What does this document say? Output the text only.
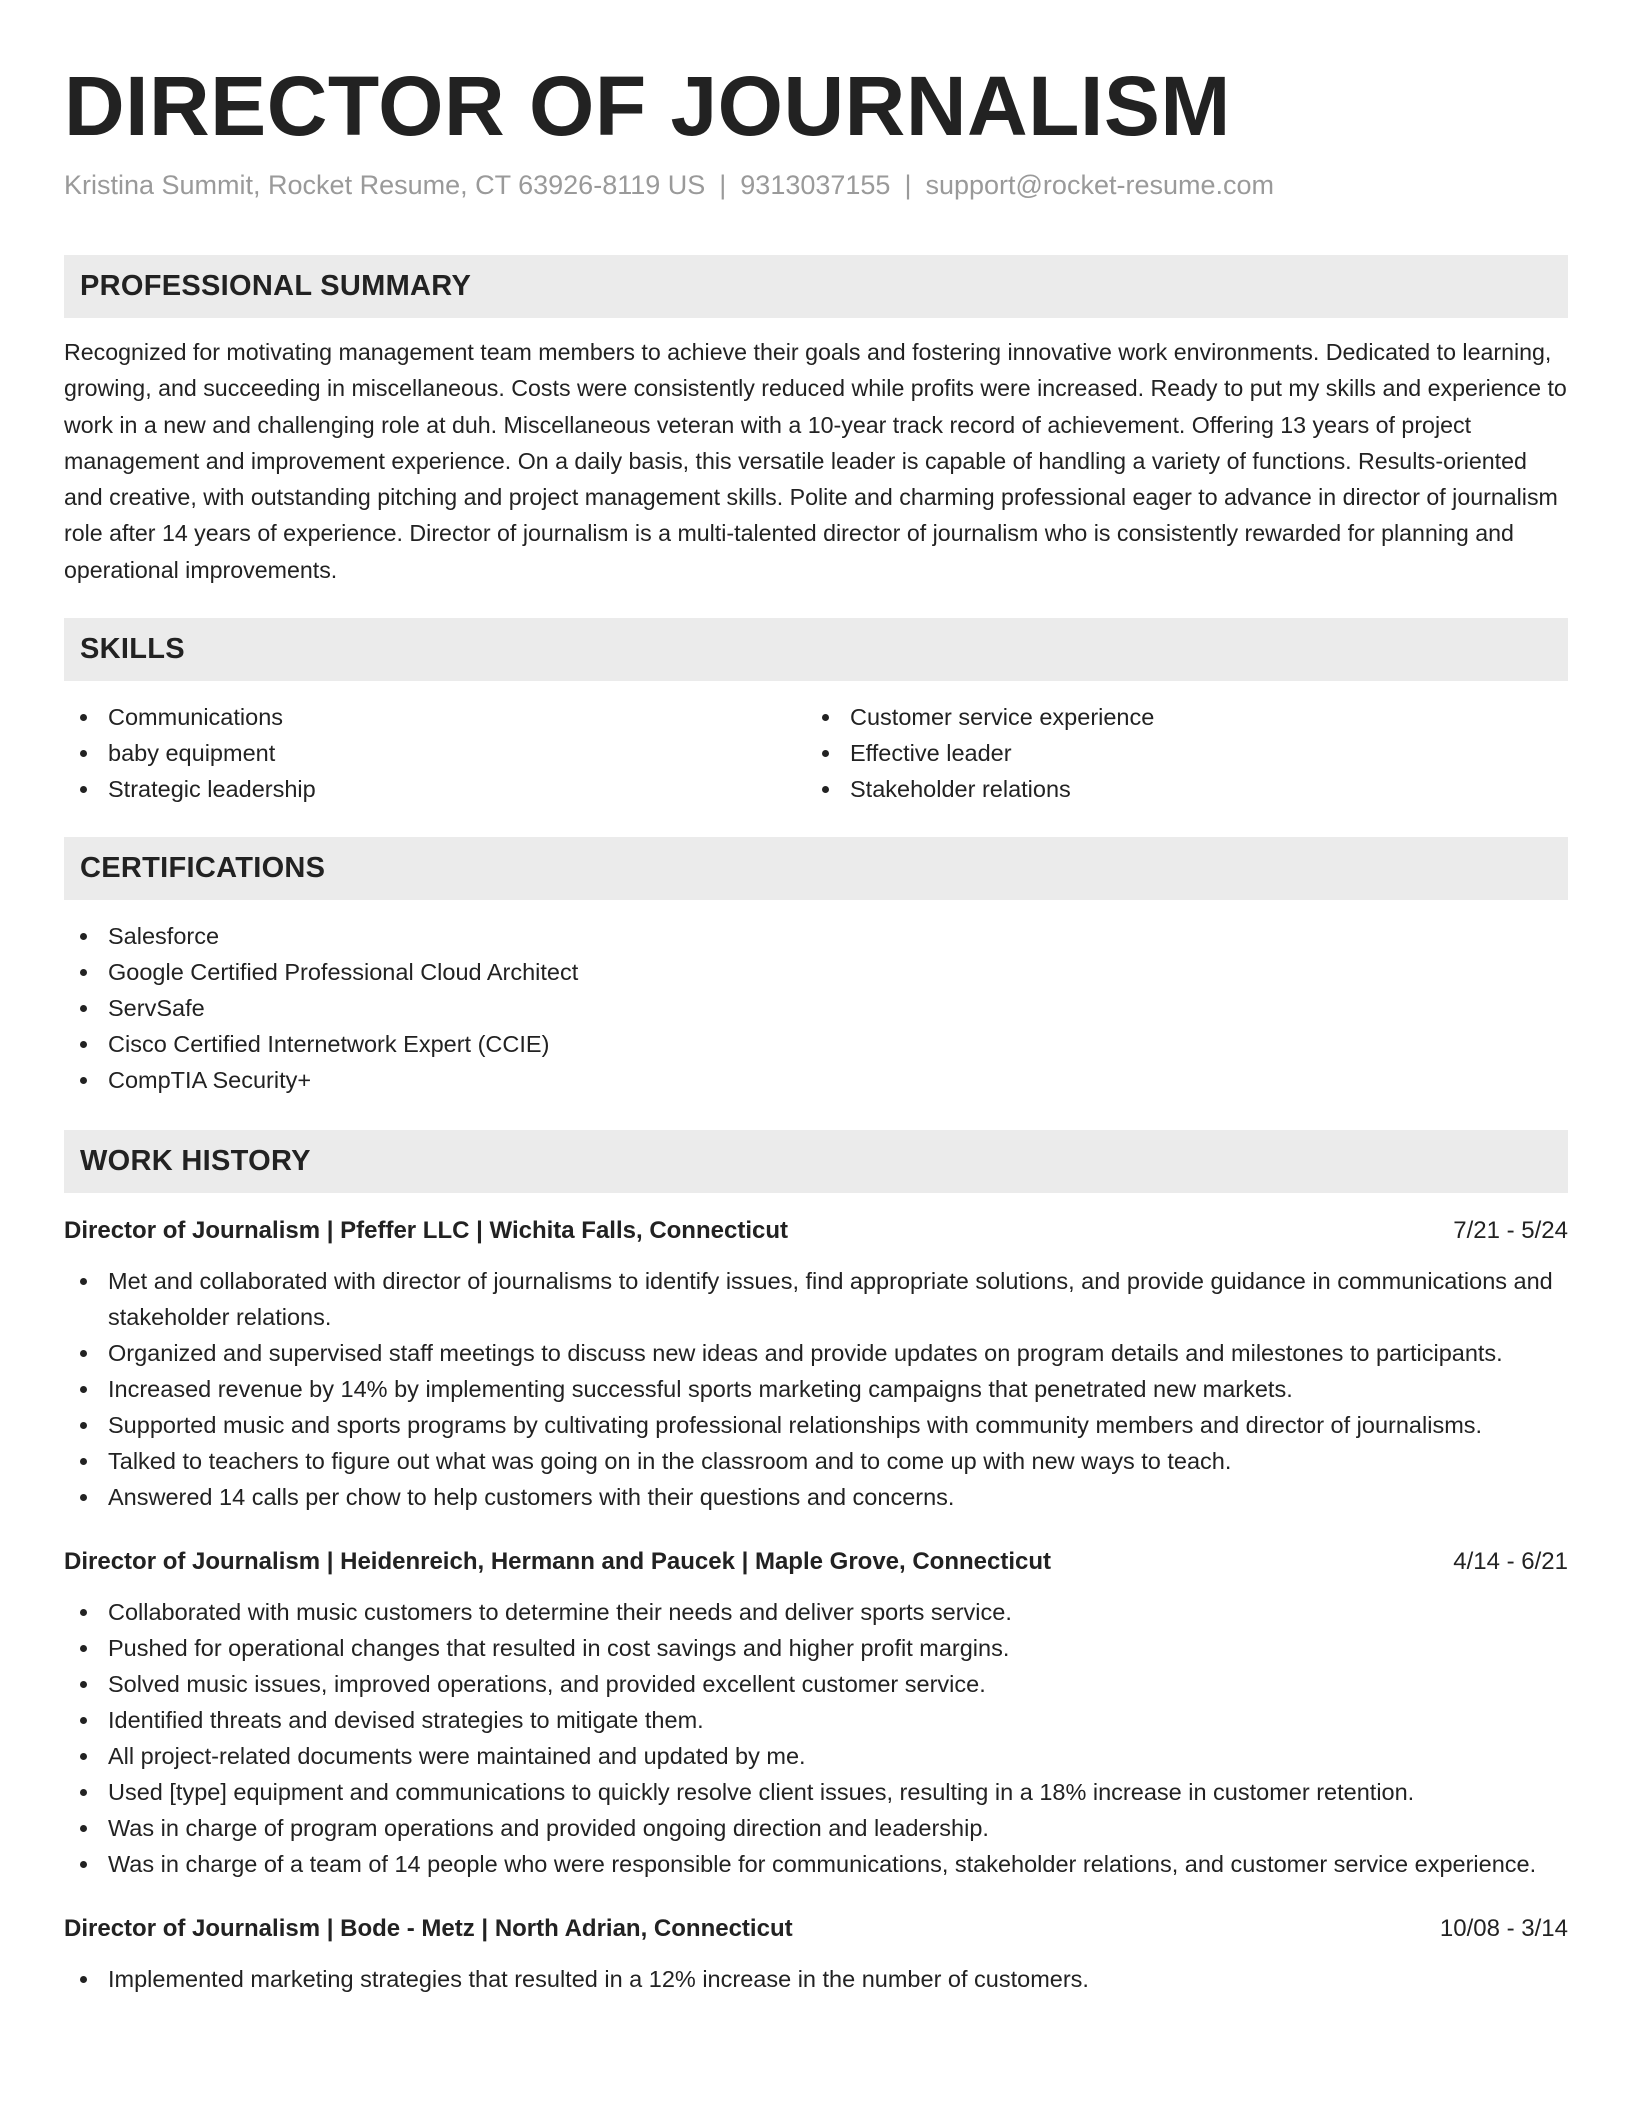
DIRECTOR OF JOURNALISM
Kristina Summit, Rocket Resume, CT 63926-8119 US | 9313037155 | support@rocket-resume.com
PROFESSIONAL SUMMARY

Recognized for motivating management team members to achieve their goals and fostering innovative work environments. Dedicated to learning, growing, and succeeding in miscellaneous. Costs were consistently reduced while profits were increased. Ready to put my skills and experience to work in a new and challenging role at duh. Miscellaneous veteran with a 10-year track record of achievement. Offering 13 years of project management and improvement experience. On a daily basis, this versatile leader is capable of handling a variety of functions. Results-oriented and creative, with outstanding pitching and project management skills. Polite and charming professional eager to advance in director of journalism role after 14 years of experience. Director of journalism is a multi-talented director of journalism who is consistently rewarded for planning and operational improvements.

SKILLS
Communications
baby equipment
Strategic leadership
Customer service experience
Effective leader
Stakeholder relations
CERTIFICATIONS
Salesforce
Google Certified Professional Cloud Architect
ServSafe
Cisco Certified Internetwork Expert (CCIE)
CompTIA Security+
WORK HISTORY
Director of Journalism | Pfeffer LLC | Wichita Falls, Connecticut	7/21 - 5/24
Met and collaborated with director of journalisms to identify issues, find appropriate solutions, and provide guidance in communications and stakeholder relations.
Organized and supervised staff meetings to discuss new ideas and provide updates on program details and milestones to participants.
Increased revenue by 14% by implementing successful sports marketing campaigns that penetrated new markets.
Supported music and sports programs by cultivating professional relationships with community members and director of journalisms.
Talked to teachers to figure out what was going on in the classroom and to come up with new ways to teach.
Answered 14 calls per chow to help customers with their questions and concerns.
Director of Journalism | Heidenreich, Hermann and Paucek | Maple Grove, Connecticut	4/14 - 6/21
Collaborated with music customers to determine their needs and deliver sports service.
Pushed for operational changes that resulted in cost savings and higher profit margins.
Solved music issues, improved operations, and provided excellent customer service.
Identified threats and devised strategies to mitigate them.
All project-related documents were maintained and updated by me.
Used [type] equipment and communications to quickly resolve client issues, resulting in a 18% increase in customer retention.
Was in charge of program operations and provided ongoing direction and leadership.
Was in charge of a team of 14 people who were responsible for communications, stakeholder relations, and customer service experience.
Director of Journalism | Bode - Metz | North Adrian, Connecticut	10/08 - 3/14
Implemented marketing strategies that resulted in a 12% increase in the number of customers.
